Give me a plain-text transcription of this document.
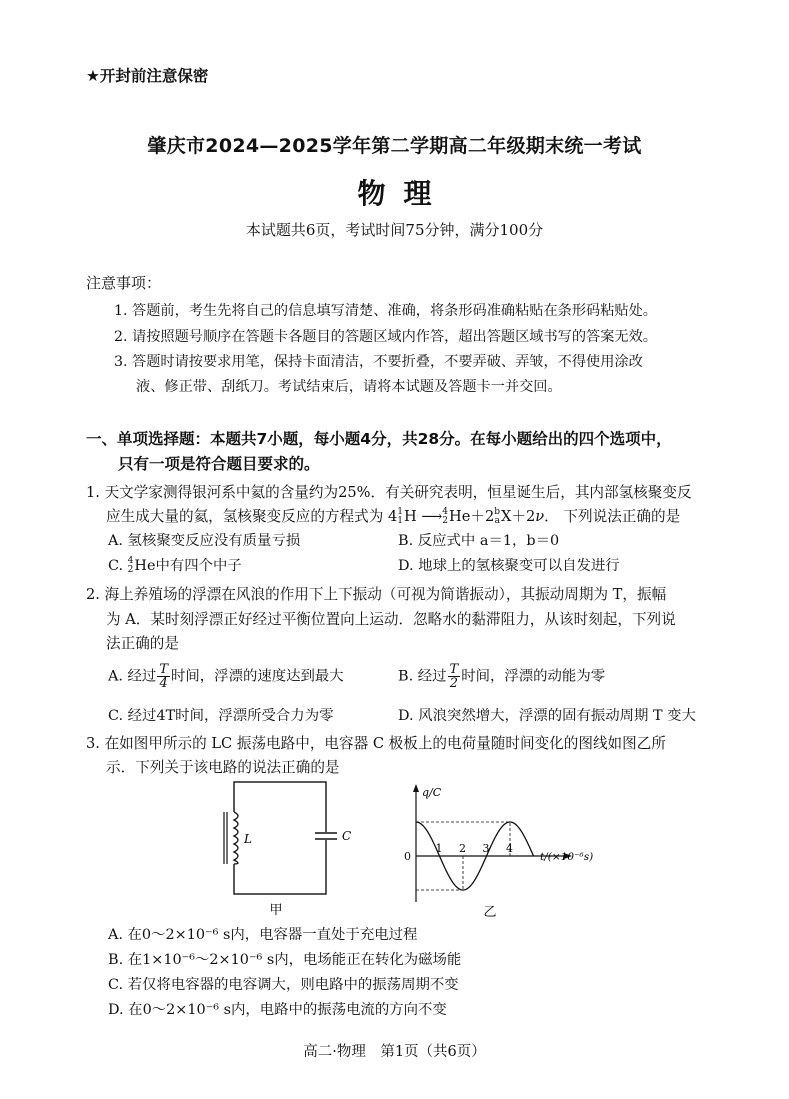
★开封前注意保密
肇庆市2024—2025学年第二学期高二年级期末统一考试
物理
本试题共6页，考试时间75分钟，满分100分
注意事项：
1. 答题前，考生先将自己的信息填写清楚、准确，将条形码准确粘贴在条形码粘贴处。
2. 请按照题号顺序在答题卡各题目的答题区域内作答，超出答题区域书写的答案无效。
3. 答题时请按要求用笔，保持卡面清洁，不要折叠，不要弄破、弄皱，不得使用涂改
液、修正带、刮纸刀。考试结束后，请将本试题及答题卡一并交回。
一、单项选择题：本题共7小题，每小题4分，共28分。在每小题给出的四个选项中，
只有一项是符合题目要求的。
1. 天文学家测得银河系中氦的含量约为25%．有关研究表明，恒星诞生后，其内部氢核聚变反
应生成大量的氦，氢核聚变反应的方程式为 4 1
1 H ⟶ 4
2 He＋2 b
a X＋2ν． 下列说法正确的是
A. 氢核聚变反应没有质量亏损	B. 反应式中 a＝1，b＝0
C. 4
2 He中有四个中子	D. 地球上的氢核聚变可以自发进行
2. 海上养殖场的浮漂在风浪的作用下上下振动（可视为简谐振动），其振动周期为 T，振幅
为 A．某时刻浮漂正好经过平衡位置向上运动．忽略水的黏滞阻力，从该时刻起，下列说
法正确的是
A. 经过 $\frac{T}{4}$ 时间，浮漂的速度达到最大	B. 经过 $\frac{T}{2}$ 时间，浮漂的动能为零
C. 经过4T时间，浮漂所受合力为零	D. 风浪突然增大，浮漂的固有振动周期 T 变大
3. 在如图甲所示的 LC 振荡电路中，电容器 C 极板上的电荷量随时间变化的图线如图乙所
示．下列关于该电路的说法正确的是
L	C
甲
q/C
t/(×10⁻⁶s)
0
1 2 3 4
乙
A. 在0～2×10⁻⁶ s内，电容器一直处于充电过程
B. 在1×10⁻⁶～2×10⁻⁶ s内，电场能正在转化为磁场能
C. 若仅将电容器的电容调大，则电路中的振荡周期不变
D. 在0～2×10⁻⁶ s内，电路中的振荡电流的方向不变
高二·物理　第1页（共6页）
